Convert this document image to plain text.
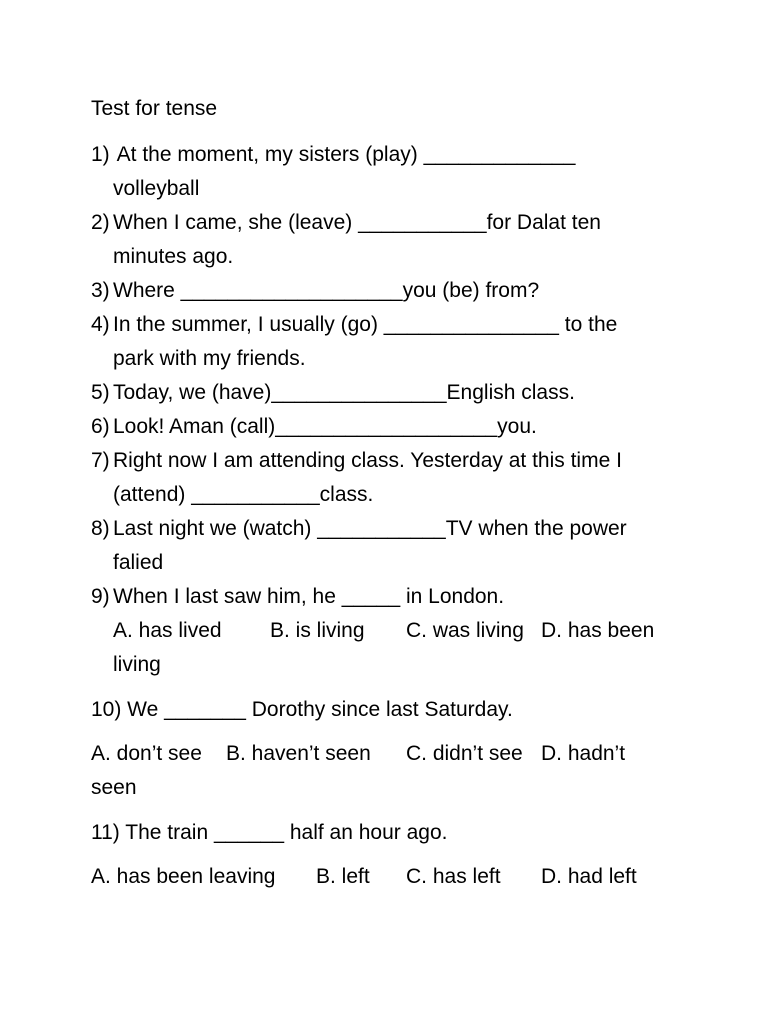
Test for tense
1) At the moment, my sisters (play) _____________
volleyball
2) When I came, she (leave) ___________for Dalat ten
minutes ago.
3) Where ___________________you (be) from?
4) In the summer, I usually (go) _______________ to the
park with my friends.
5) Today, we (have)_______________English class.
6) Look! Aman (call)___________________you.
7) Right now I am attending class. Yesterday at this time I
(attend) ___________class.
8) Last night we (watch) ___________TV when the power
falied
9) When I last saw him, he _____ in London.
A. has lived B. is living C. was living D. has been
living
10) We _______ Dorothy since last Saturday.
A. don’t see B. haven’t seen C. didn’t see D. hadn’t
seen
11) The train ______ half an hour ago.
A. has been leaving B. left C. has left D. had left
